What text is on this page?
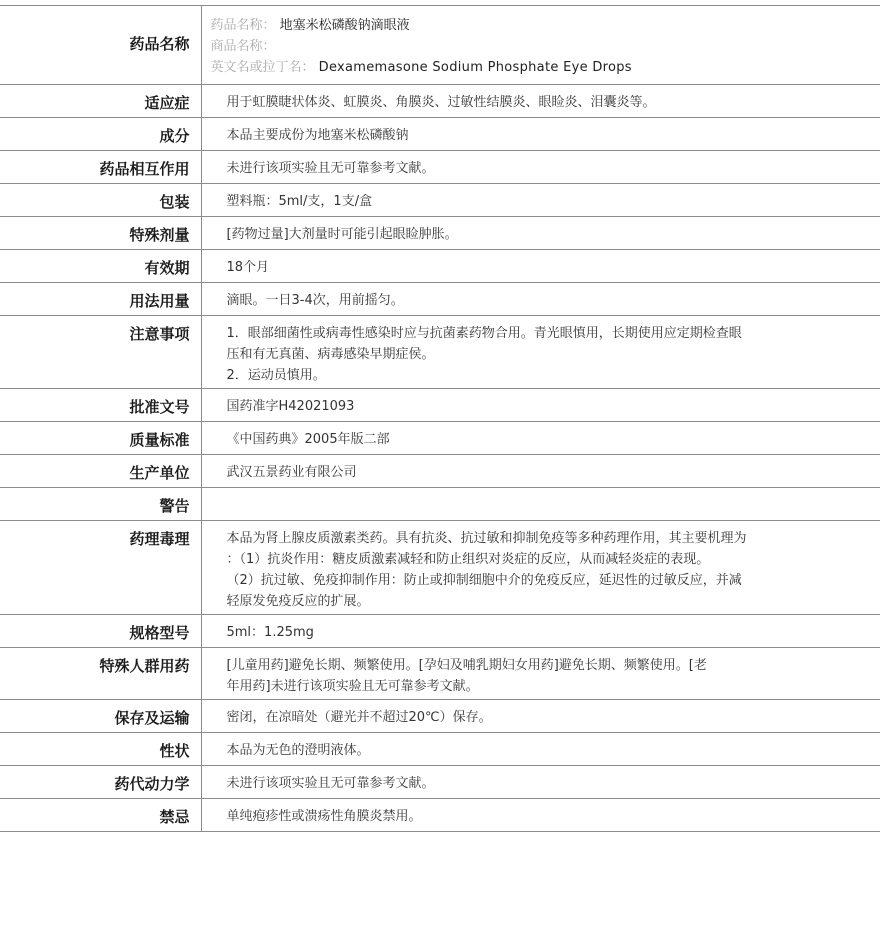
药品名称	药品名称： 地塞米松磷酸钠滴眼液
商品名称：
英文名或拉丁名： Dexamemasone Sodium Phosphate Eye Drops

适应症	用于虹膜睫状体炎、虹膜炎、角膜炎、过敏性结膜炎、眼睑炎、泪囊炎等。

成分	本品主要成份为地塞米松磷酸钠

药品相互作用	未进行该项实验且无可靠参考文献。

包装	塑料瓶：5ml/支，1支/盒

特殊剂量	[药物过量]大剂量时可能引起眼睑肿胀。

有效期	18个月

用法用量	滴眼。一日3-4次，用前摇匀。

注意事项	1．眼部细菌性或病毒性感染时应与抗菌素药物合用。青光眼慎用，长期使用应定期检查眼
压和有无真菌、病毒感染早期症侯。
2．运动员慎用。

批准文号	国药准字H42021093

质量标准	《中国药典》2005年版二部

生产单位	武汉五景药业有限公司

警告	
药理毒理	本品为肾上腺皮质激素类药。具有抗炎、抗过敏和抑制免疫等多种药理作用，其主要机理为
：（1）抗炎作用：糖皮质激素减轻和防止组织对炎症的反应，从而减轻炎症的表现。
（2）抗过敏、免疫抑制作用：防止或抑制细胞中介的免疫反应，延迟性的过敏反应，并减
轻原发免疫反应的扩展。

规格型号	5ml：1.25mg

特殊人群用药	[儿童用药]避免长期、频繁使用。[孕妇及哺乳期妇女用药]避免长期、频繁使用。[老
年用药]未进行该项实验且无可靠参考文献。

保存及运输	密闭，在凉暗处（避光并不超过20℃）保存。

性状	本品为无色的澄明液体。

药代动力学	未进行该项实验且无可靠参考文献。

禁忌	单纯疱疹性或溃疡性角膜炎禁用。
